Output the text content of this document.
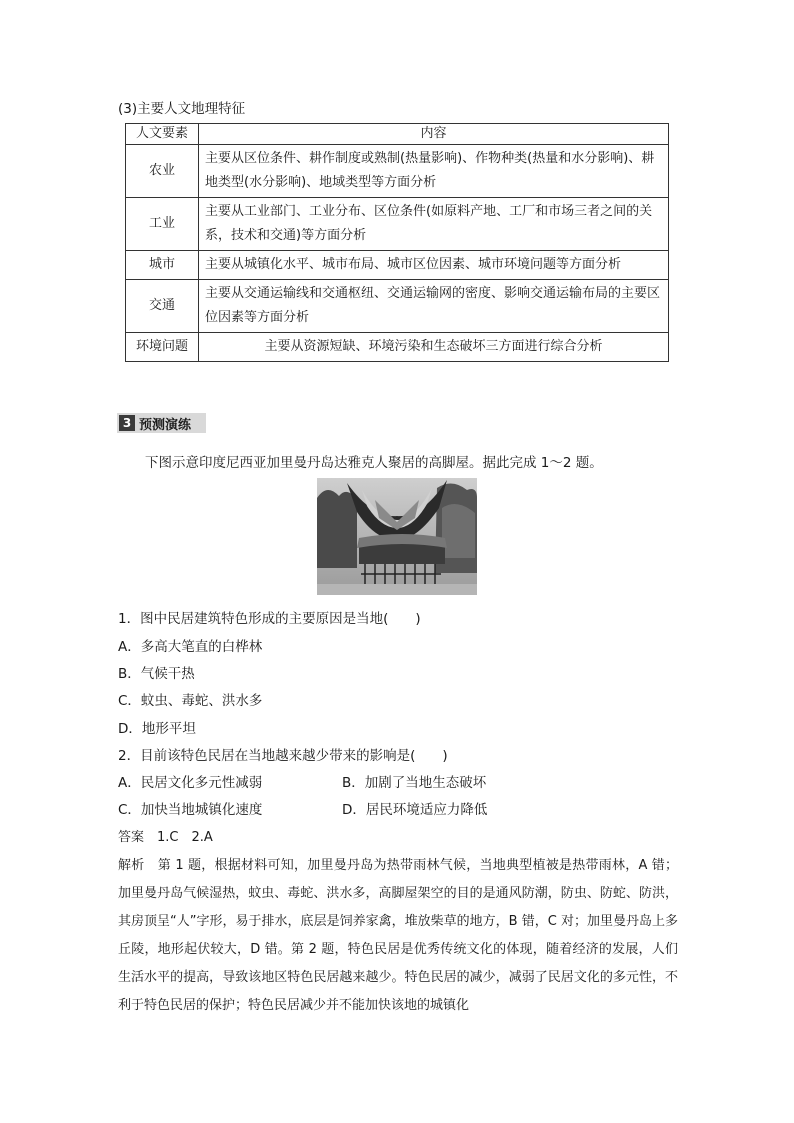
(3)主要人文地理特征
人文要素	内容
农业	主要从区位条件、耕作制度或熟制(热量影响)、作物种类(热量和水分影响)、耕地类型(水分影响)、地域类型等方面分析
工业	主要从工业部门、工业分布、区位条件(如原料产地、工厂和市场三者之间的关系，技术和交通)等方面分析
城市	主要从城镇化水平、城市布局、城市区位因素、城市环境问题等方面分析
交通	主要从交通运输线和交通枢纽、交通运输网的密度、影响交通运输布局的主要区位因素等方面分析
环境问题	主要从资源短缺、环境污染和生态破坏三方面进行综合分析
3 预测演练
下图示意印度尼西亚加里曼丹岛达雅克人聚居的高脚屋。据此完成 1～2 题。
1．图中民居建筑特色形成的主要原因是当地(　　)
A．多高大笔直的白桦林
B．气候干热
C．蚊虫、毒蛇、洪水多
D．地形平坦
2．目前该特色民居在当地越来越少带来的影响是(　　)
A．民居文化多元性减弱	B．加剧了当地生态破坏
C．加快当地城镇化速度	D．居民环境适应力降低
答案　1.C　2.A
解析　第 1 题，根据材料可知，加里曼丹岛为热带雨林气候，当地典型植被是热带雨林，A 错；加里曼丹岛气候湿热，蚊虫、毒蛇、洪水多，高脚屋架空的目的是通风防潮，防虫、防蛇、防洪，其房顶呈“人”字形，易于排水，底层是饲养家禽，堆放柴草的地方，B 错，C 对；加里曼丹岛上多丘陵，地形起伏较大，D 错。第 2 题，特色民居是优秀传统文化的体现，随着经济的发展，人们生活水平的提高，导致该地区特色民居越来越少。特色民居的减少，减弱了民居文化的多元性，不利于特色民居的保护；特色民居减少并不能加快该地的城镇化
